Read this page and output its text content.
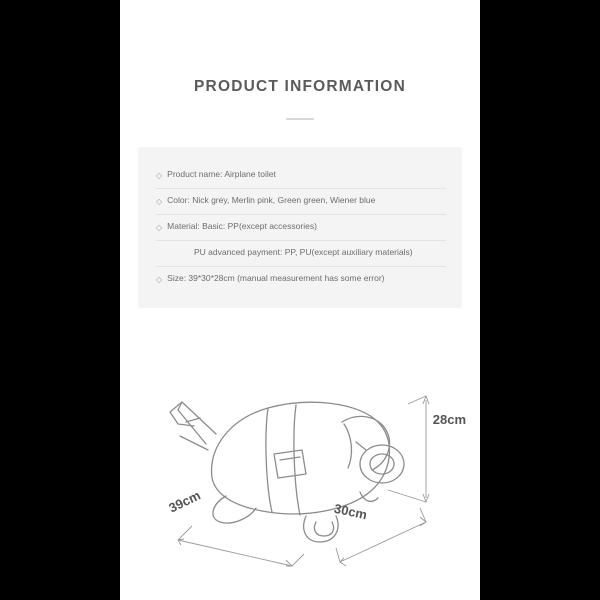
PRODUCT INFORMATION
◇ Product name: Airplane toilet
◇ Color: Nick grey, Merlin pink, Green green, Wiener blue
◇ Material: Basic: PP(except accessories)
PU advanced payment: PP, PU(except auxiliary materials)
◇ Size: 39*30*28cm (manual measurement has some error)
28cm
30cm
39cm
